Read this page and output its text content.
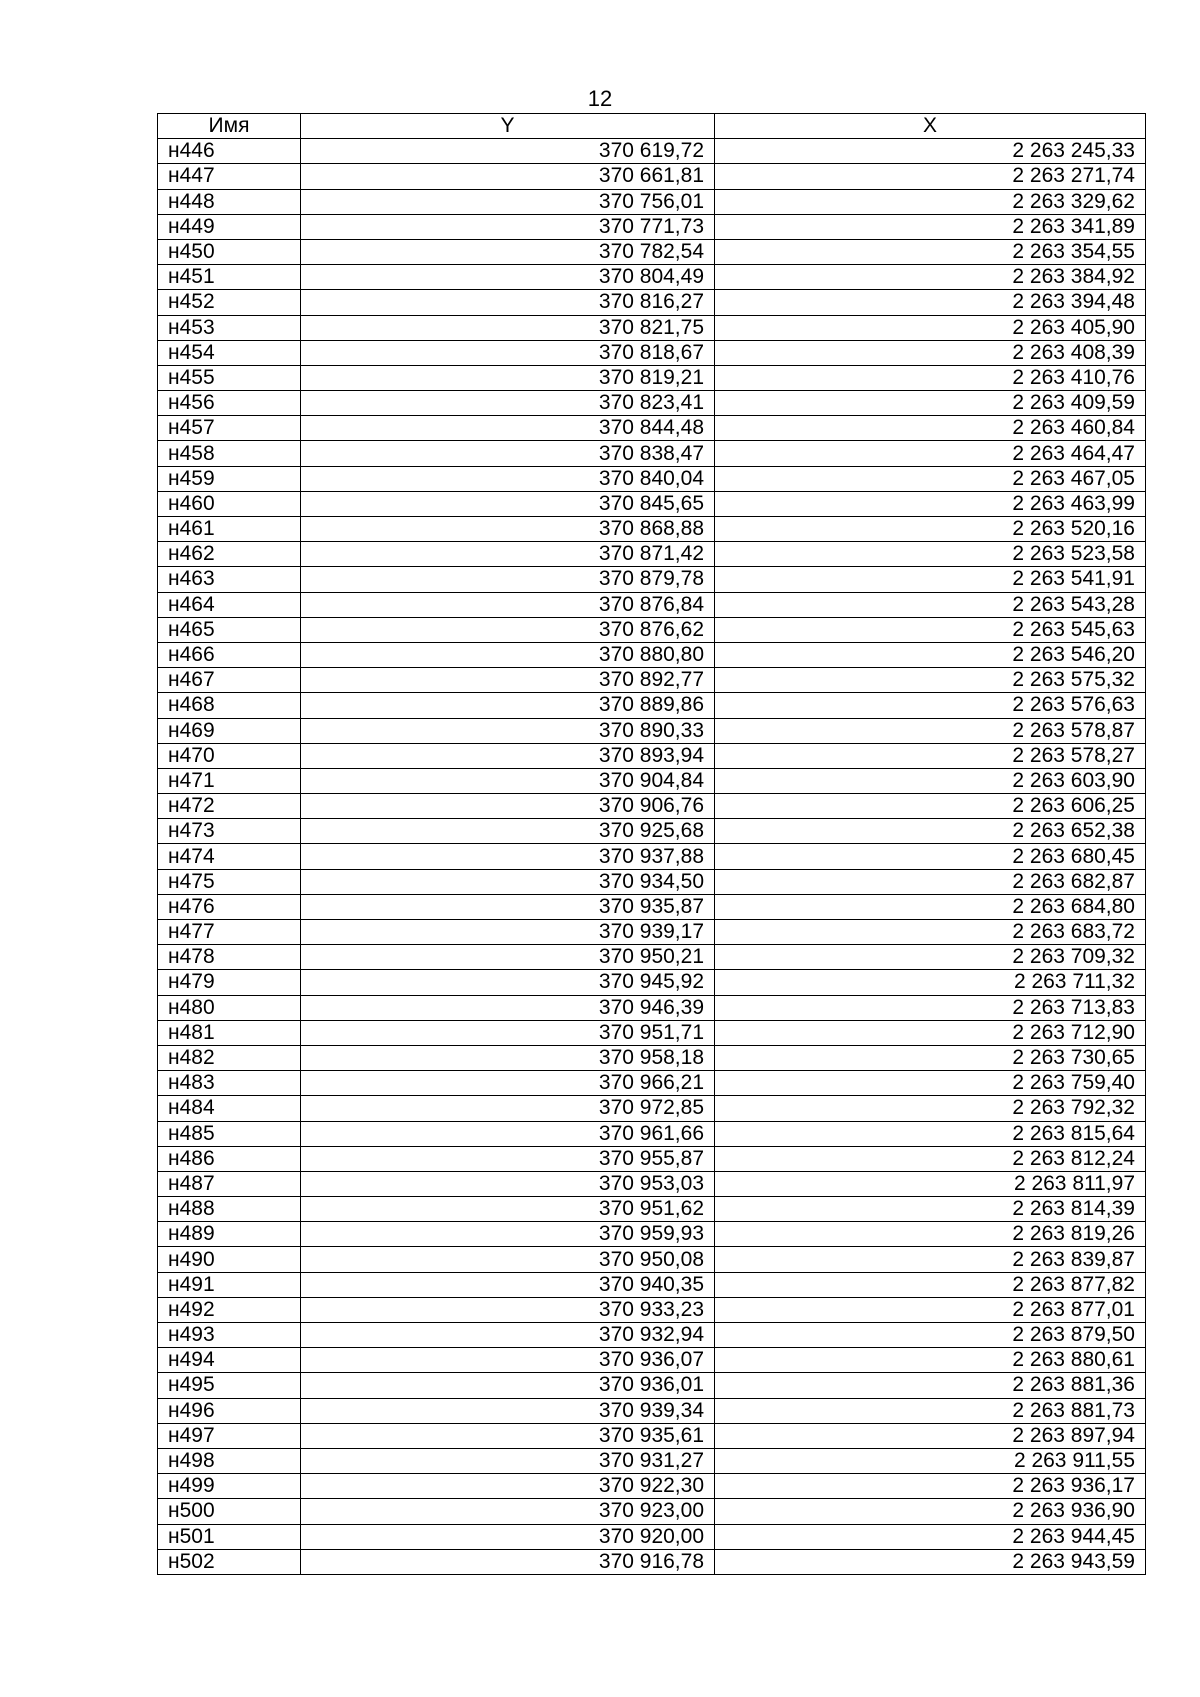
12
Имя	Y	X
н446	370 619,72	2 263 245,33
н447	370 661,81	2 263 271,74
н448	370 756,01	2 263 329,62
н449	370 771,73	2 263 341,89
н450	370 782,54	2 263 354,55
н451	370 804,49	2 263 384,92
н452	370 816,27	2 263 394,48
н453	370 821,75	2 263 405,90
н454	370 818,67	2 263 408,39
н455	370 819,21	2 263 410,76
н456	370 823,41	2 263 409,59
н457	370 844,48	2 263 460,84
н458	370 838,47	2 263 464,47
н459	370 840,04	2 263 467,05
н460	370 845,65	2 263 463,99
н461	370 868,88	2 263 520,16
н462	370 871,42	2 263 523,58
н463	370 879,78	2 263 541,91
н464	370 876,84	2 263 543,28
н465	370 876,62	2 263 545,63
н466	370 880,80	2 263 546,20
н467	370 892,77	2 263 575,32
н468	370 889,86	2 263 576,63
н469	370 890,33	2 263 578,87
н470	370 893,94	2 263 578,27
н471	370 904,84	2 263 603,90
н472	370 906,76	2 263 606,25
н473	370 925,68	2 263 652,38
н474	370 937,88	2 263 680,45
н475	370 934,50	2 263 682,87
н476	370 935,87	2 263 684,80
н477	370 939,17	2 263 683,72
н478	370 950,21	2 263 709,32
н479	370 945,92	2 263 711,32
н480	370 946,39	2 263 713,83
н481	370 951,71	2 263 712,90
н482	370 958,18	2 263 730,65
н483	370 966,21	2 263 759,40
н484	370 972,85	2 263 792,32
н485	370 961,66	2 263 815,64
н486	370 955,87	2 263 812,24
н487	370 953,03	2 263 811,97
н488	370 951,62	2 263 814,39
н489	370 959,93	2 263 819,26
н490	370 950,08	2 263 839,87
н491	370 940,35	2 263 877,82
н492	370 933,23	2 263 877,01
н493	370 932,94	2 263 879,50
н494	370 936,07	2 263 880,61
н495	370 936,01	2 263 881,36
н496	370 939,34	2 263 881,73
н497	370 935,61	2 263 897,94
н498	370 931,27	2 263 911,55
н499	370 922,30	2 263 936,17
н500	370 923,00	2 263 936,90
н501	370 920,00	2 263 944,45
н502	370 916,78	2 263 943,59
